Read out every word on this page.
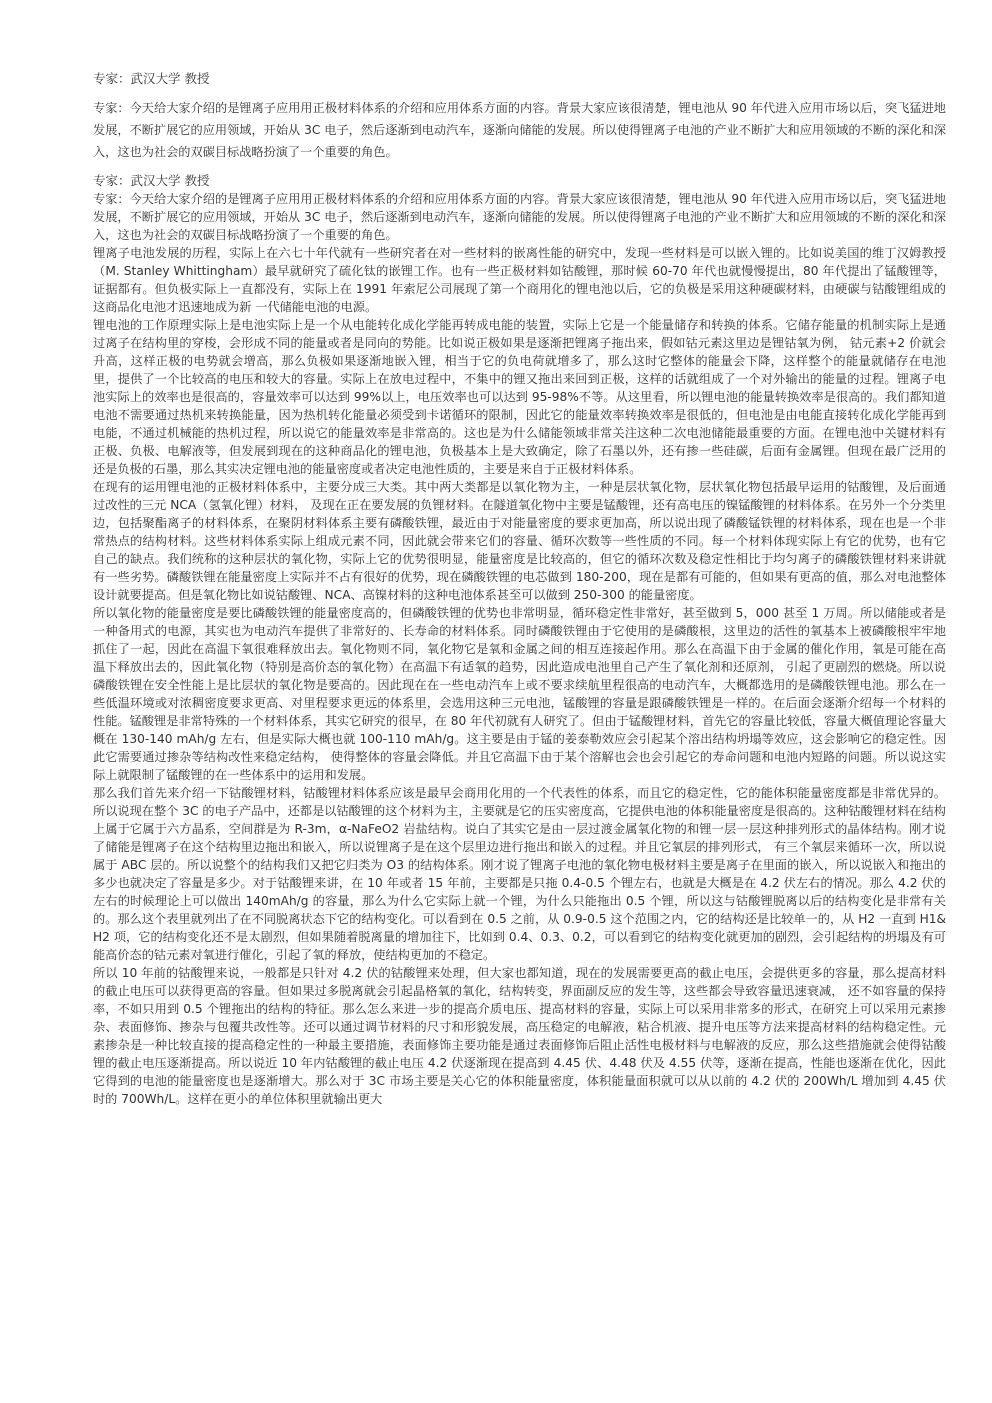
专家：武汉大学 教授
专家：今天给大家介绍的是锂离子应用用正极材料体系的介绍和应用体系方面的内容。背景大家应该很清楚，锂电池从 90 年代进入应用市场以后，突飞猛进地发展，不断扩展它的应用领域，开始从 3C 电子，然后逐渐到电动汽车，逐渐向储能的发展。所以使得锂离子电池的产业不断扩大和应用领域的不断的深化和深入，这也为社会的双碳目标战略扮演了一个重要的角色。
专家：武汉大学 教授
专家：今天给大家介绍的是锂离子应用用正极材料体系的介绍和应用体系方面的内容。背景大家应该很清楚，锂电池从 90 年代进入应用市场以后，突飞猛进地发展，不断扩展它的应用领域，开始从 3C 电子，然后逐渐到电动汽车，逐渐向储能的发展。所以使得锂离子电池的产业不断扩大和应用领域的不断的深化和深入，这也为社会的双碳目标战略扮演了一个重要的角色。
锂离子电池发展的历程，实际上在六七十年代就有一些研究者在对一些材料的嵌离性能的研究中，发现一些材料是可以嵌入锂的。比如说美国的维丁汉姆教授（M. Stanley Whittingham）最早就研究了硫化钛的嵌锂工作。也有一些正极材料如钴酸锂，那时候 60-70 年代也就慢慢提出，80 年代提出了锰酸锂等，证据都有。但负极实际上一直都没有，实际上在 1991 年索尼公司展现了第一个商用化的锂电池以后，它的负极是采用这种硬碳材料，由硬碳与钴酸锂组成的这商品化电池才迅速地成为新 一代储能电池的电源。
锂电池的工作原理实际上是电池实际上是一个从电能转化成化学能再转成电能的装置，实际上它是一个能量储存和转换的体系。它储存能量的机制实际上是通过离子在结构里的穿梭，会形成不同的能量或者是同向的势能。比如说正极如果是逐渐把锂离子拖出来，假如钴元素这里边是锂钴氧为例， 钴元素+2 价就会升高，这样正极的电势就会增高，那么负极如果逐渐地嵌入锂，相当于它的负电荷就增多了，那么这时它整体的能量会下降，这样整个的能量就储存在电池里，提供了一个比较高的电压和较大的容量。实际上在放电过程中，不集中的锂又拖出来回到正极，这样的话就组成了一个对外输出的能量的过程。锂离子电池实际上的效率也是很高的，容量效率可以达到 99%以上，电压效率也可以达到 95-98%不等。从这里看，所以锂电池的能量转换效率是很高的。我们都知道电池不需要通过热机来转换能量，因为热机转化能量必须受到卡诺循环的限制，因此它的能量效率转换效率是很低的，但电池是由电能直接转化成化学能再到电能，不通过机械能的热机过程，所以说它的能量效率是非常高的。这也是为什么储能领域非常关注这种二次电池储能最重要的方面。在锂电池中关键材料有正极、负极、电解液等，但发展到现在的这种商品化的锂电池，负极基本上是大致确定，除了石墨以外，还有掺一些硅碳，后面有金属锂。但现在最广泛用的还是负极的石墨，那么其实决定锂电池的能量密度或者决定电池性质的，主要是来自于正极材料体系。
在现有的运用锂电池的正极材料体系中，主要分成三大类。其中两大类都是以氧化物为主，一种是层状氧化物，层状氧化物包括最早运用的钴酸锂，及后面通过改性的三元 NCA（氢氧化锂）材料， 及现在正在要发展的负锂材料。在隧道氧化物中主要是锰酸锂，还有高电压的镍锰酸锂的材料体系。在另外一个分类里边，包括聚酯离子的材料体系，在聚阴材料体系主要有磷酸铁锂，最近由于对能量密度的要求更加高，所以说出现了磷酸锰铁锂的材料体系，现在也是一个非常热点的结构材料。这些材料体系实际上组成元素不同，因此就会带来它们的容量、循环次数等一些性质的不同。每一个材料体现实际上有它的优势，也有它自己的缺点。我们统称的这种层状的氧化物，实际上它的优势很明显，能量密度是比较高的，但它的循环次数及稳定性相比于均匀离子的磷酸铁锂材料来讲就有一些劣势。磷酸铁锂在能量密度上实际并不占有很好的优势，现在磷酸铁锂的电芯做到 180-200，现在是都有可能的，但如果有更高的值，那么对电池整体设计就要提高。但是氧化物比如说钴酸锂、NCA、高镍材料的这种电池体系甚至可以做到 250-300 的能量密度。
所以氧化物的能量密度是要比磷酸铁锂的能量密度高的，但磷酸铁锂的优势也非常明显，循环稳定性非常好，甚至做到 5，000 甚至 1 万周。所以储能或者是一种备用式的电源，其实也为电动汽车提供了非常好的、长寿命的材料体系。同时磷酸铁锂由于它使用的是磷酸根，这里边的活性的氧基本上被磷酸根牢牢地抓住了一起，因此在高温下氧很难释放出去。氧化物则不同，氧化物它是氧和金属之间的相互连接起作用。那么在高温下由于金属的催化作用，氧是可能在高温下释放出去的，因此氧化物（特别是高价态的氧化物）在高温下有适氧的趋势，因此造成电池里自己产生了氧化剂和还原剂， 引起了更剧烈的燃烧。所以说磷酸铁锂在安全性能上是比层状的氧化物是要高的。因此现在在一些电动汽车上或不要求续航里程很高的电动汽车，大概都选用的是磷酸铁锂电池。那么在一些低温环境或对浓稠密度要求更高、对里程要求更远的体系里，会选用这种三元电池，锰酸锂的容量是跟磷酸铁锂是一样的。在后面会逐渐介绍每一个材料的性能。锰酸锂是非常特殊的一个材料体系，其实它研究的很早，在 80 年代初就有人研究了。但由于锰酸锂材料，首先它的容量比较低，容量大概值理论容量大概在 130-140 mAh/g 左右，但是实际大概也就 100-110 mAh/g。这主要是由于锰的姜泰勒效应会引起某个溶出结构坍塌等效应，这会影响它的稳定性。因此它需要通过掺杂等结构改性来稳定结构， 使得整体的容量会降低。并且它高温下由于某个溶解也会也会引起它的寿命问题和电池内短路的问题。所以说这实际上就限制了锰酸锂的在一些体系中的运用和发展。
那么我们首先来介绍一下钴酸锂材料，钴酸锂材料体系应该是最早会商用化用的一个代表性的体系，而且它的稳定性，它的能体积能量密度都是非常优异的。所以说现在整个 3C 的电子产品中，还都是以钴酸锂的这个材料为主，主要就是它的压实密度高，它提供电池的体积能量密度是很高的。这种钴酸锂材料在结构上属于它属于六方晶系，空间群是为 R-3m，α-NaFeO2 岩盐结构。说白了其实它是由一层过渡金属氧化物的和锂一层一层这种排列形式的晶体结构。刚才说了储能是锂离子在这个结构里边拖出和嵌入，所以说锂离子是在这个层里边进行拖出和嵌入的过程。并且它氧层的排列形式， 有三个氧层来循环一次，所以说属于 ABC 层的。所以说整个的结构我们又把它归类为 O3 的结构体系。刚才说了锂离子电池的氧化物电极材料主要是离子在里面的嵌入，所以说嵌入和拖出的多少也就决定了容量是多少。对于钴酸锂来讲，在 10 年或者 15 年前，主要都是只拖 0.4-0.5 个锂左右，也就是大概是在 4.2 伏左右的情况。那么 4.2 伏的左右的时候理论上可以做出 140mAh/g 的容量，那么为什么它实际上就一个锂，为什么只能拖出 0.5 个锂，所以这与钴酸锂脱离以后的结构变化是非常有关的。那么这个表里就列出了在不同脱离状态下它的结构变化。可以看到在 0.5 之前，从 0.9-0.5 这个范围之内，它的结构还是比较单一的，从 H2 一直到 H1&H2 项，它的结构变化还不是太剧烈，但如果随着脱离量的增加往下，比如到 0.4、0.3、0.2，可以看到它的结构变化就更加的剧烈，会引起结构的坍塌及有可能高价态的钴元素对氧进行催化，引起了氧的释放，使结构更加的不稳定。
所以 10 年前的钴酸锂来说，一般都是只针对 4.2 伏的钴酸锂来处理，但大家也都知道，现在的发展需要更高的截止电压，会提供更多的容量，那么提高材料的截止电压可以获得更高的容量。但如果过多脱离就会引起晶格氧的氧化，结构转变，界面副反应的发生等，这些都会导致容量迅速衰减， 还不如容量的保持率，不如只用到 0.5 个锂拖出的结构的特征。那么怎么来进一步的提高介质电压、提高材料的容量，实际上可以采用非常多的形式，在研究上可以采用元素掺杂、表面修饰、掺杂与包覆共改性等。还可以通过调节材料的尺寸和形貌发展，高压稳定的电解液，粘合机液、提升电压等方法来提高材料的结构稳定性。元素掺杂是一种比较直接的提高稳定性的一种最主要措施，表面修饰主要功能是通过表面修饰后阻止活性电极材料与电解液的反应，那么这些措施就会使得钴酸锂的截止电压逐渐提高。所以说近 10 年内钴酸锂的截止电压 4.2 伏逐渐现在提高到 4.45 伏、4.48 伏及 4.55 伏等，逐渐在提高，性能也逐渐在优化，因此它得到的电池的能量密度也是逐渐增大。那么对于 3C 市场主要是关心它的体积能量密度，体积能量面积就可以从以前的 4.2 伏的 200Wh/L 增加到 4.45 伏时的 700Wh/L。这样在更小的单位体积里就输出更大
